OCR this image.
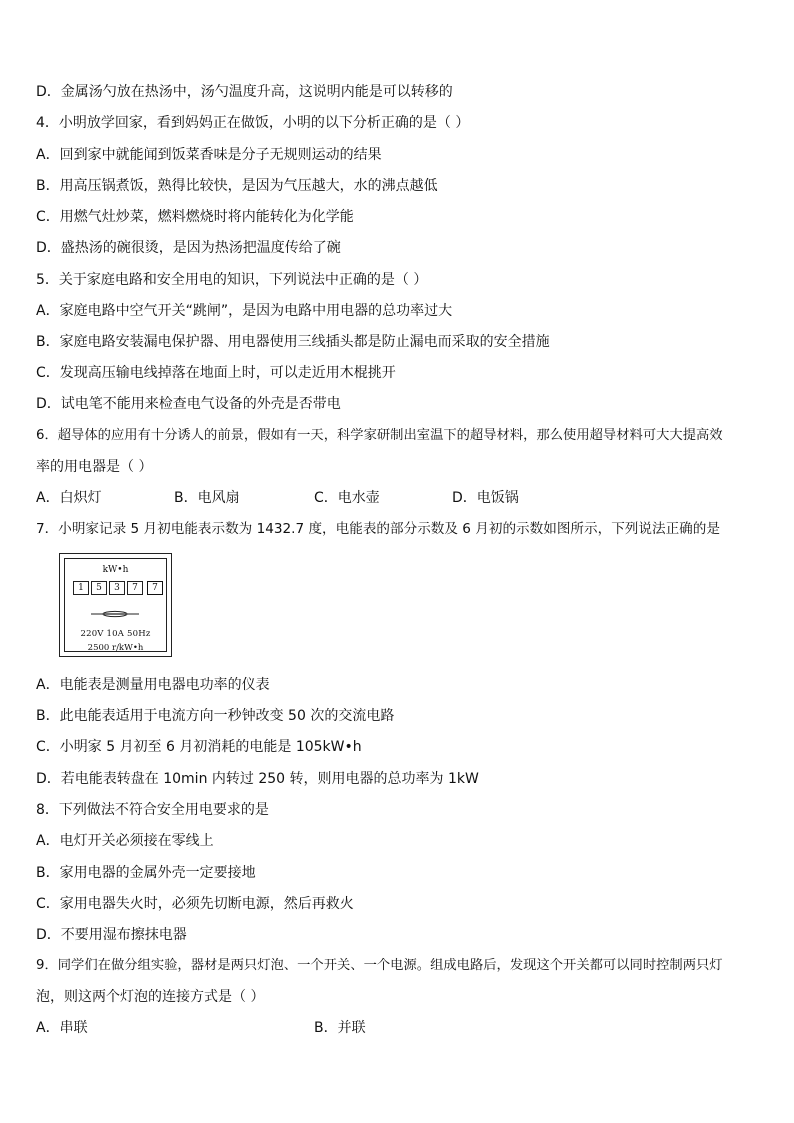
D．金属汤勺放在热汤中，汤勺温度升高，这说明内能是可以转移的
4．小明放学回家，看到妈妈正在做饭，小明的以下分析正确的是（ ）
A．回到家中就能闻到饭菜香味是分子无规则运动的结果
B．用高压锅煮饭，熟得比较快，是因为气压越大，水的沸点越低
C．用燃气灶炒菜，燃料燃烧时将内能转化为化学能
D．盛热汤的碗很烫，是因为热汤把温度传给了碗
5．关于家庭电路和安全用电的知识，下列说法中正确的是（ ）
A．家庭电路中空气开关“跳闸”，是因为电路中用电器的总功率过大
B．家庭电路安装漏电保护器、用电器使用三线插头都是防止漏电而采取的安全措施
C．发现高压输电线掉落在地面上时，可以走近用木棍挑开
D．试电笔不能用来检查电气设备的外壳是否带电
6．超导体的应用有十分诱人的前景，假如有一天，科学家研制出室温下的超导材料，那么使用超导材料可大大提高效
率的用电器是（ ）
A．白炽灯	B．电风扇	C．电水壶	D．电饭锅
7．小明家记录 5 月初电能表示数为 1432.7 度，电能表的部分示数及 6 月初的示数如图所示，下列说法正确的是
kW•h
1	5	3	7	7
220V 10A 50Hz
2500 r/kW•h
A．电能表是测量用电器电功率的仪表
B．此电能表适用于电流方向一秒钟改变 50 次的交流电路
C．小明家 5 月初至 6 月初消耗的电能是 105kW•h
D．若电能表转盘在 10min 内转过 250 转，则用电器的总功率为 1kW
8．下列做法不符合安全用电要求的是
A．电灯开关必须接在零线上
B．家用电器的金属外壳一定要接地
C．家用电器失火时，必须先切断电源，然后再救火
D．不要用湿布擦抹电器
9．同学们在做分组实验，器材是两只灯泡、一个开关、一个电源。组成电路后，发现这个开关都可以同时控制两只灯
泡，则这两个灯泡的连接方式是（ ）
A．串联	B．并联
